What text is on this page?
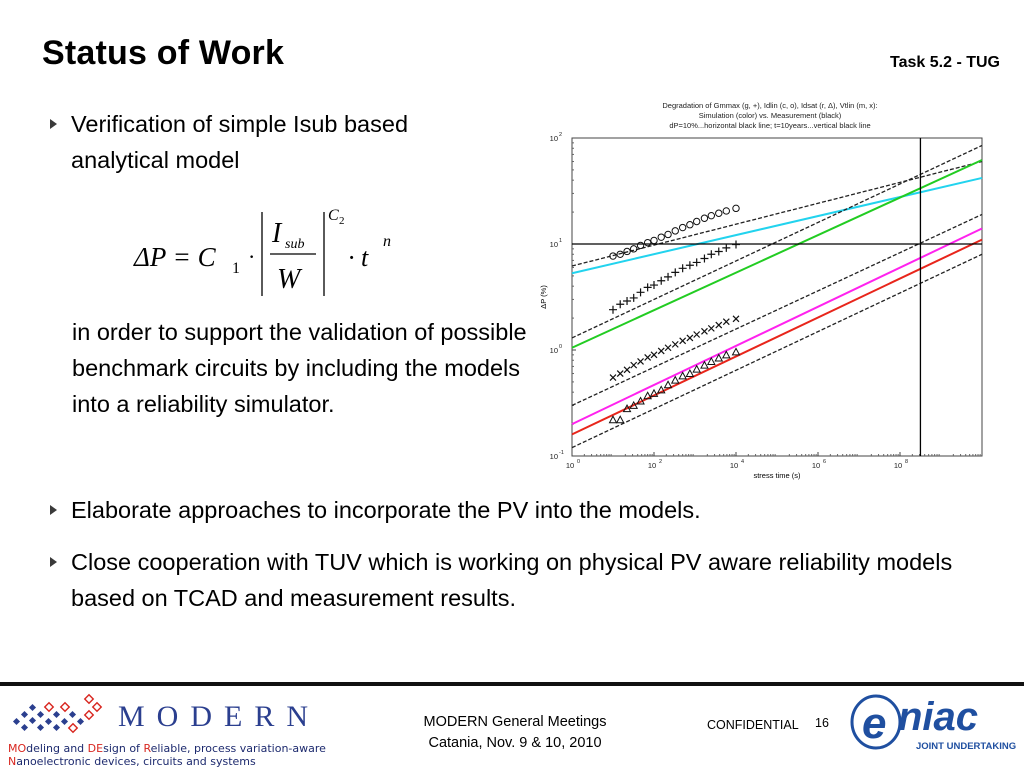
Status of Work	Task 5.2 - TUG
Verification of simple Isub based analytical model
ΔP = C 1 ·
I sub
W
C 2
· t
n
in order to support the validation of possible benchmark circuits by including the models into a reliability simulator.
Elaborate approaches to incorporate the PV into the models.
Close cooperation with TUV which is working on physical PV aware reliability models based on TCAD and measurement results.
Degradation of Gmmax (g, +), Idlin (c, o), Idsat (r, Δ), Vtlin (m, x):
Simulation (color) vs. Measurement (black)
dP=10%...horizontal black line; t=10years...vertical black line
10 0	10 2	10 4	10 6	10 8
10 -1
10 0
10 1
10 2
stress time (s)
ΔP (%)
MODERN
MOdeling and DEsign of Reliable, process variation-aware
Nanoelectronic devices, circuits and systems
MODERN General Meetings
Catania, Nov. 9 & 10, 2010
CONFIDENTIAL 16 e niac
JOINT UNDERTAKING
